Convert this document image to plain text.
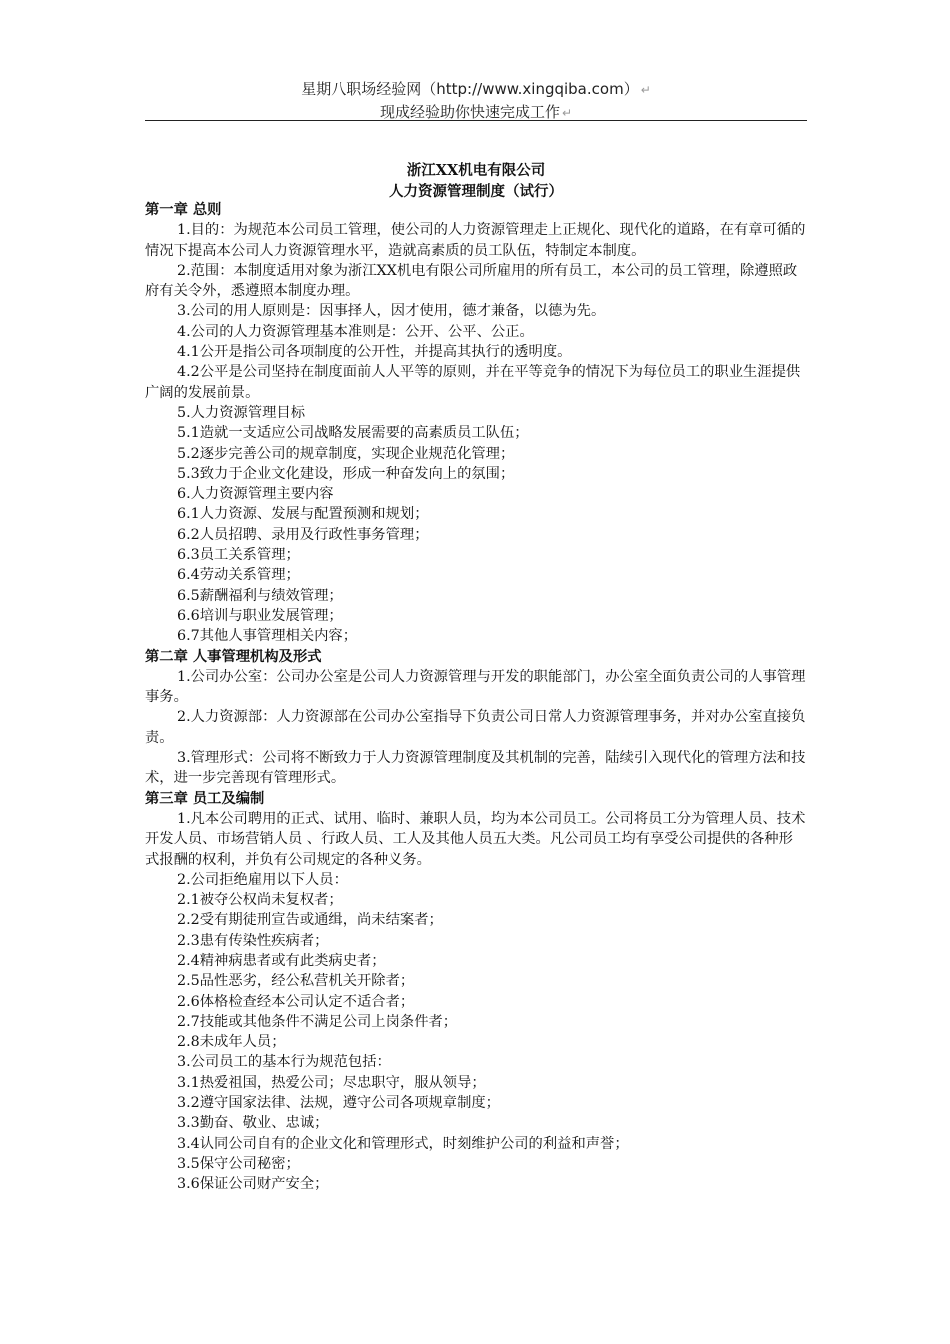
星期八职场经验网（http://www.xingqiba.com） ↵
现成经验助你快速完成工作 ↵
浙江XX机电有限公司
人力资源管理制度（试行）

第一章 总则

1.目的：为规范本公司员工管理，使公司的人力资源管理走上正规化、现代化的道路，在有章可循的情况下提高本公司人力资源管理水平，造就高素质的员工队伍，特制定本制度。

2.范围：本制度适用对象为浙江XX机电有限公司所雇用的所有员工，本公司的员工管理，除遵照政府有关令外，悉遵照本制度办理。

3.公司的用人原则是：因事择人，因才使用，德才兼备，以德为先。

4.公司的人力资源管理基本准则是：公开、公平、公正。

4.1公开是指公司各项制度的公开性，并提高其执行的透明度。

4.2公平是公司坚持在制度面前人人平等的原则，并在平等竞争的情况下为每位员工的职业生涯提供广阔的发展前景。

5.人力资源管理目标

5.1造就一支适应公司战略发展需要的高素质员工队伍；

5.2逐步完善公司的规章制度，实现企业规范化管理；

5.3致力于企业文化建设，形成一种奋发向上的氛围；

6.人力资源管理主要内容

6.1人力资源、发展与配置预测和规划；

6.2人员招聘、录用及行政性事务管理；

6.3员工关系管理；

6.4劳动关系管理；

6.5薪酬福利与绩效管理；

6.6培训与职业发展管理；

6.7其他人事管理相关内容；

第二章 人事管理机构及形式

1.公司办公室：公司办公室是公司人力资源管理与开发的职能部门，办公室全面负责公司的人事管理事务。

2.人力资源部：人力资源部在公司办公室指导下负责公司日常人力资源管理事务，并对办公室直接负责。

3.管理形式：公司将不断致力于人力资源管理制度及其机制的完善，陆续引入现代化的管理方法和技术，进一步完善现有管理形式。

第三章 员工及编制

1.凡本公司聘用的正式、试用、临时、兼职人员，均为本公司员工。公司将员工分为管理人员、技术开发人员、市场营销人员 、行政人员、工人及其他人员五大类。凡公司员工均有享受公司提供的各种形式报酬的权利，并负有公司规定的各种义务。

2.公司拒绝雇用以下人员：

2.1被夺公权尚未复权者；

2.2受有期徒刑宣告或通缉，尚未结案者；

2.3患有传染性疾病者；

2.4精神病患者或有此类病史者；

2.5品性恶劣，经公私营机关开除者；

2.6体格检查经本公司认定不适合者；

2.7技能或其他条件不满足公司上岗条件者；

2.8未成年人员；

3.公司员工的基本行为规范包括：

3.1热爱祖国，热爱公司；尽忠职守，服从领导；

3.2遵守国家法律、法规，遵守公司各项规章制度；

3.3勤奋、敬业、忠诚；

3.4认同公司自有的企业文化和管理形式，时刻维护公司的利益和声誉；

3.5保守公司秘密；

3.6保证公司财产安全；
